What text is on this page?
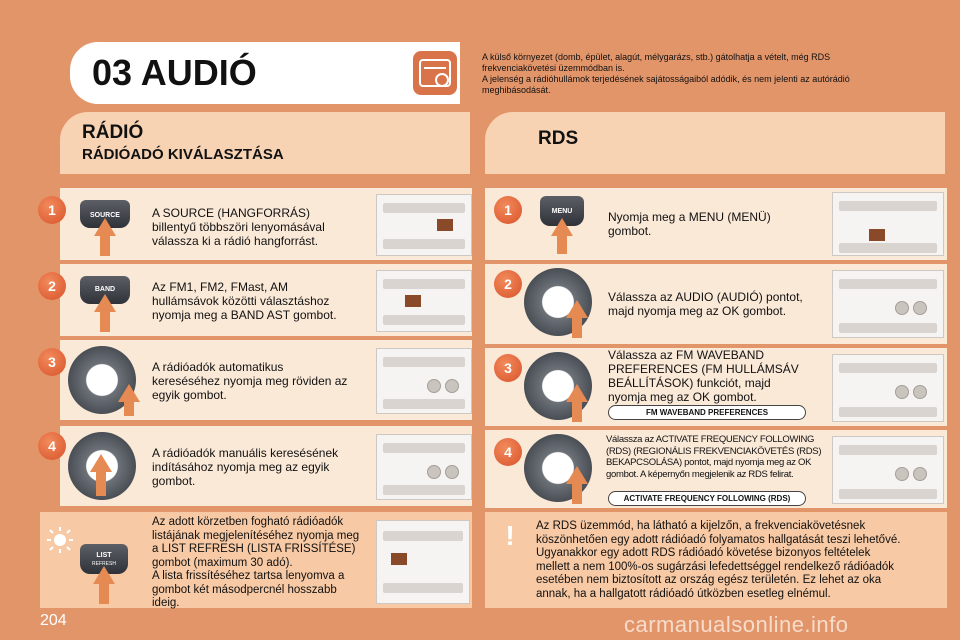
03 AUDIÓ	A külső környezet (domb, épület, alagút, mélygarázs, stb.) gátolhatja a vételt, még RDS
frekvenciakövetési üzemmódban is.
A jelenség a rádióhullámok terjedésének sajátosságaiból adódik, és nem jelenti az autórádió
meghibásodását.
RÁDIÓ
RÁDIÓADÓ KIVÁLASZTÁSA
RDS
1	SOURCE	A SOURCE (HANGFORRÁS)
billentyű többszöri lenyomásával
válassza ki a rádió hangforrást.
2	BAND	Az FM1, FM2, FMast, AM
hullámsávok közötti választáshoz
nyomja meg a BAND AST gombot.
3	A rádióadók automatikus
kereséséhez nyomja meg röviden az
egyik gombot.
4	A rádióadók manuális keresésének
indításához nyomja meg az egyik
gombot.
LIST
REFRESH
Az adott körzetben fogható rádióadók
listájának megjelenítéséhez nyomja meg
a LIST REFRESH (LISTA FRISSÍTÉSE)
gombot (maximum 30 adó).
A lista frissítéséhez tartsa lenyomva a
gombot két másodpercnél hosszabb
ideig.
1	MENU	Nyomja meg a MENU (MENÜ)
gombot.
2
Válassza az AUDIO (AUDIÓ) pontot,
majd nyomja meg az OK gombot.
3
Válassza az FM WAVEBAND
PREFERENCES (FM HULLÁMSÁV
BEÁLLÍTÁSOK) funkciót, majd
nyomja meg az OK gombot.
FM WAVEBAND PREFERENCES
4
Válassza az ACTIVATE FREQUENCY FOLLOWING
(RDS) (REGIONÁLIS FREKVENCIAKÖVETÉS (RDS)
BEKAPCSOLÁSA) pontot, majd nyomja meg az OK
gombot. A képernyőn megjelenik az RDS felirat.
ACTIVATE FREQUENCY FOLLOWING (RDS)
!	Az RDS üzemmód, ha látható a kijelzőn, a frekvenciakövetésnek
köszönhetően egy adott rádióadó folyamatos hallgatását teszi lehetővé.
Ugyanakkor egy adott RDS rádióadó követése bizonyos feltételek
mellett a nem 100%-os sugárzási lefedettséggel rendelkező rádióadók
esetében nem biztosított az ország egész területén. Ez lehet az oka
annak, ha a hallgatott rádióadó útközben esetleg elnémul.
204	carmanualsonline.info
